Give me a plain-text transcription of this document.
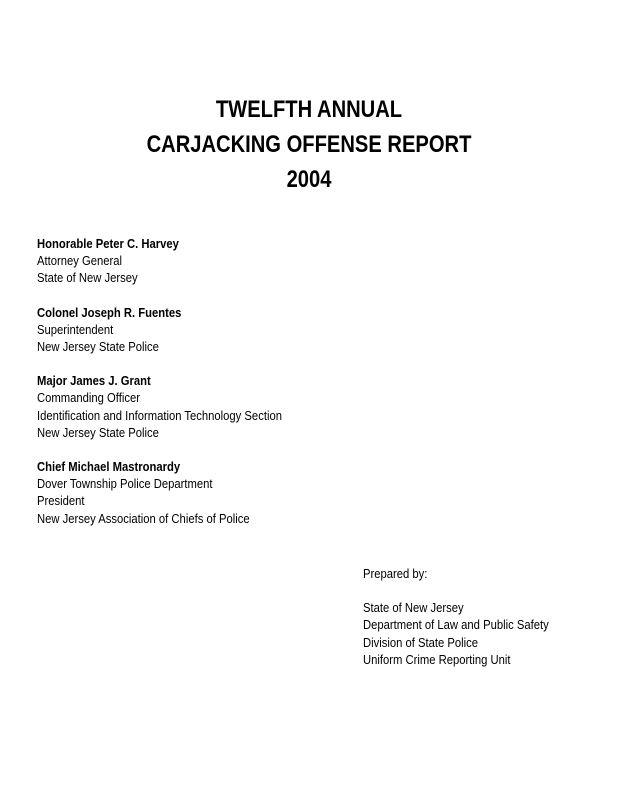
TWELFTH ANNUAL
CARJACKING OFFENSE REPORT
2004
Honorable Peter C. Harvey
Attorney General
State of New Jersey
Colonel Joseph R. Fuentes
Superintendent
New Jersey State Police
Major James J. Grant
Commanding Officer
Identification and Information Technology Section
New Jersey State Police
Chief Michael Mastronardy
Dover Township Police Department
President
New Jersey Association of Chiefs of Police
Prepared by:
State of New Jersey
Department of Law and Public Safety
Division of State Police
Uniform Crime Reporting Unit
